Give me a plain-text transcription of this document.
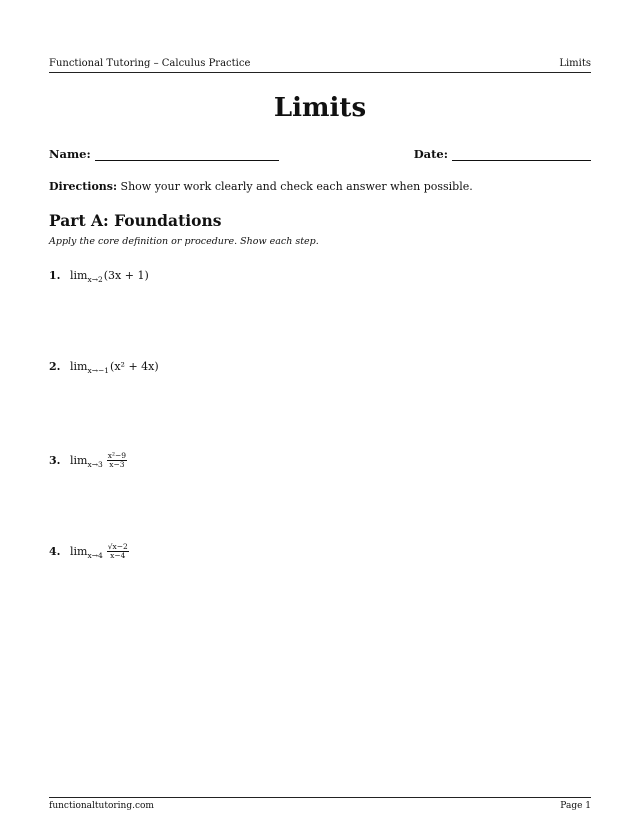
Functional Tutoring – Calculus Practice	Limits
Limits
Name:	Date:
Directions: Show your work clearly and check each answer when possible.
Part A: Foundations
Apply the core definition or procedure. Show each step.
1. lim x→2 (3x + 1)
2. lim x→−1 (x² + 4x)
3. $\lim x\to 3 \frac{\text{x²−9}}{x-3}$
4. $\lim x\to 4 \frac{√x-2}{x-4}$
functionaltutoring.com	Page 1
